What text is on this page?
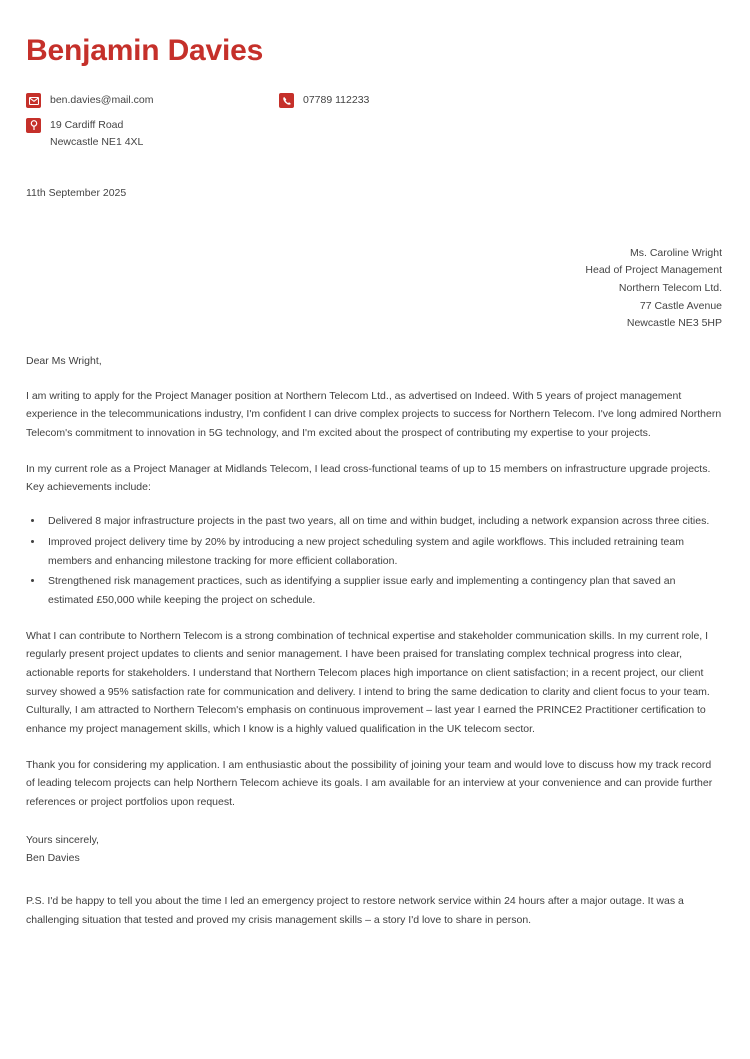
Benjamin Davies
ben.davies@mail.com	07789 112233
19 Cardiff Road
Newcastle NE1 4XL
11th September 2025
Ms. Caroline Wright
Head of Project Management
Northern Telecom Ltd.
77 Castle Avenue
Newcastle NE3 5HP
Dear Ms Wright,

I am writing to apply for the Project Manager position at Northern Telecom Ltd., as advertised on Indeed. With 5 years of project management experience in the telecommunications industry, I'm confident I can drive complex projects to success for Northern Telecom. I've long admired Northern Telecom's commitment to innovation in 5G technology, and I'm excited about the prospect of contributing my expertise to your projects.

In my current role as a Project Manager at Midlands Telecom, I lead cross-functional teams of up to 15 members on infrastructure upgrade projects. Key achievements include:

• Delivered 8 major infrastructure projects in the past two years, all on time and within budget, including a network expansion across three cities.
• Improved project delivery time by 20% by introducing a new project scheduling system and agile workflows. This included retraining team members and enhancing milestone tracking for more efficient collaboration.
• Strengthened risk management practices, such as identifying a supplier issue early and implementing a contingency plan that saved an estimated £50,000 while keeping the project on schedule.

What I can contribute to Northern Telecom is a strong combination of technical expertise and stakeholder communication skills. In my current role, I regularly present project updates to clients and senior management. I have been praised for translating complex technical progress into clear, actionable reports for stakeholders. I understand that Northern Telecom places high importance on client satisfaction; in a recent project, our client survey showed a 95% satisfaction rate for communication and delivery. I intend to bring the same dedication to clarity and client focus to your team. Culturally, I am attracted to Northern Telecom's emphasis on continuous improvement – last year I earned the PRINCE2 Practitioner certification to enhance my project management skills, which I know is a highly valued qualification in the UK telecom sector.

Thank you for considering my application. I am enthusiastic about the possibility of joining your team and would love to discuss how my track record of leading telecom projects can help Northern Telecom achieve its goals. I am available for an interview at your convenience and can provide further references or project portfolios upon request.

Yours sincerely,
Ben Davies

P.S. I'd be happy to tell you about the time I led an emergency project to restore network service within 24 hours after a major outage. It was a challenging situation that tested and proved my crisis management skills – a story I'd love to share in person.
